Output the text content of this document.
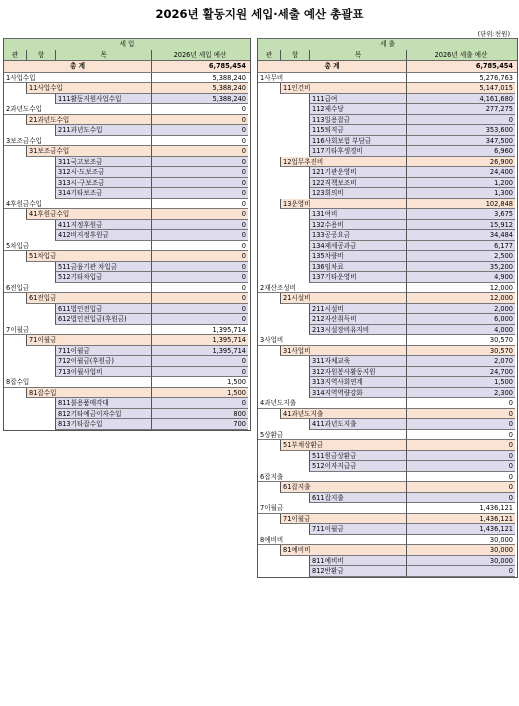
2026년 활동지원 세입·세출 예산 총괄표
(단위:천원)
세 입
관	항	목	2026년 세입 예산
총 계	6,785,454
1사업수입	5,388,240
11사업수입	5,388,240
111활동지원사업수입	5,388,240
2과년도수입	0
21과년도수입	0
211과년도수입	0
3보조금수입	0
31보조금수입	0
311국고보조금	0
312시·도보조금	0
313시·구보조금	0
314기타보조금	0
4후원금수입	0
41후원금수입	0
411지정후원금	0
412비지정후원금	0
5차입금	0
51차입금	0
511금융기관 차입금	0
512기타차입금	0
6전입금	0
61전입금	0
611법인전입금	0
612법인전입금(후원금)	0
7이월금	1,395,714
71이월금	1,395,714
711이월금	1,395,714
712이월금(후원금)	0
713이월사업비	0
8잡수입	1,500
81잡수입	1,500
811불용품매각대	0
812기타예금이자수입	800
813기타잡수입	700
세 출
관	항	목	2026년 세출 예산
총 계	6,785,454
1사무비	5,276,763
11인건비	5,147,015
111급여	4,161,680
112제수당	277,275
113일용잡금	0
115퇴직금	353,600
116사회보험 부담금	347,500
117기타후생경비	6,960
12업무추진비	26,900
121기관운영비	24,400
122직책보조비	1,200
123회의비	1,300
13운영비	102,848
131여비	3,675
132수용비	15,912
133공공요금	34,484
134제세공과금	6,177
135차량비	2,500
136임차료	35,200
137기타운영비	4,900
2재산조성비	12,000
21시설비	12,000
211시설비	2,000
212자산취득비	6,000
213시설장비유지비	4,000
3사업비	30,570
31사업비	30,570
311자체교육	2,070
312자원봉사활동지원	24,700
313지역사회연계	1,500
314지역역량강화	2,300
4과년도지출	0
41과년도지출	0
411과년도지출	0
5상환금	0
51부채상환금	0
511원금상환금	0
512이자지급금	0
6잡지출	0
61잡지출	0
611잡지출	0
7이월금	1,436,121
71이월금	1,436,121
711이월금	1,436,121
8예비비	30,000
81예비비	30,000
811예비비	30,000
812반환금	0
